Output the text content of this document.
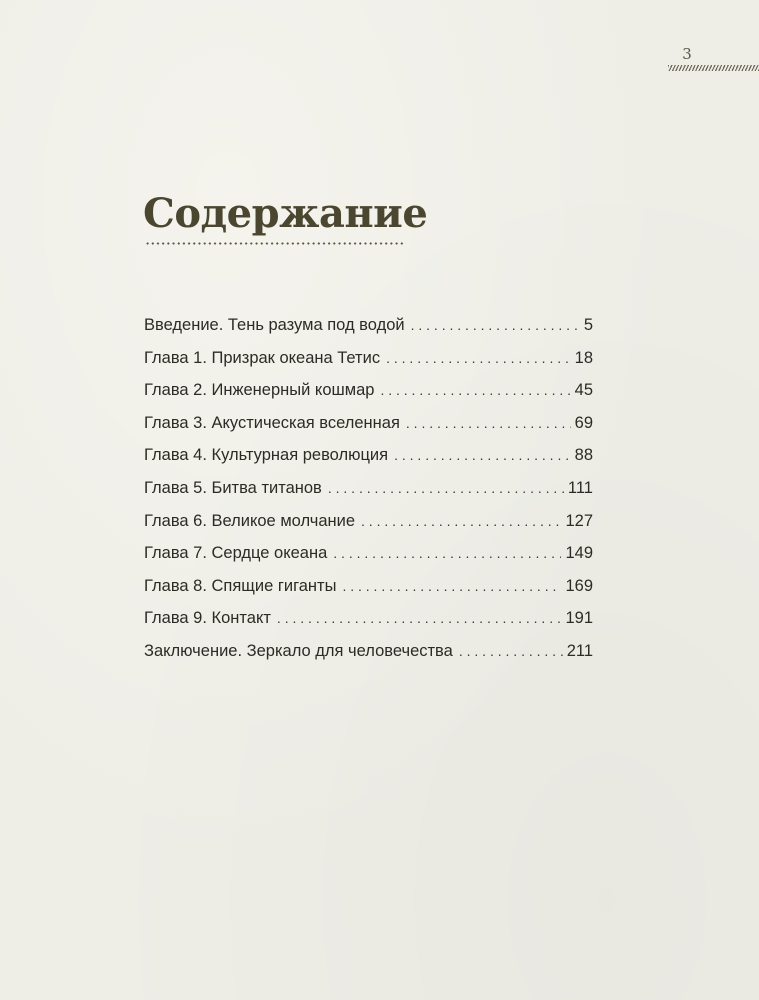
3
Содержание
Введение. Тень разума под водой . . .	5
Глава 1. Призрак океана Тетис . . .	18
Глава 2. Инженерный кошмар . . .	45
Глава 3. Акустическая вселенная . . .	69
Глава 4. Культурная революция . . .	88
Глава 5. Битва титанов . . .	111
Глава 6. Великое молчание . . .	127
Глава 7. Сердце океана . . .	149
Глава 8. Спящие гиганты . . .	169
Глава 9. Контакт . . .	191
Заключение. Зеркало для человечества . . .	211
